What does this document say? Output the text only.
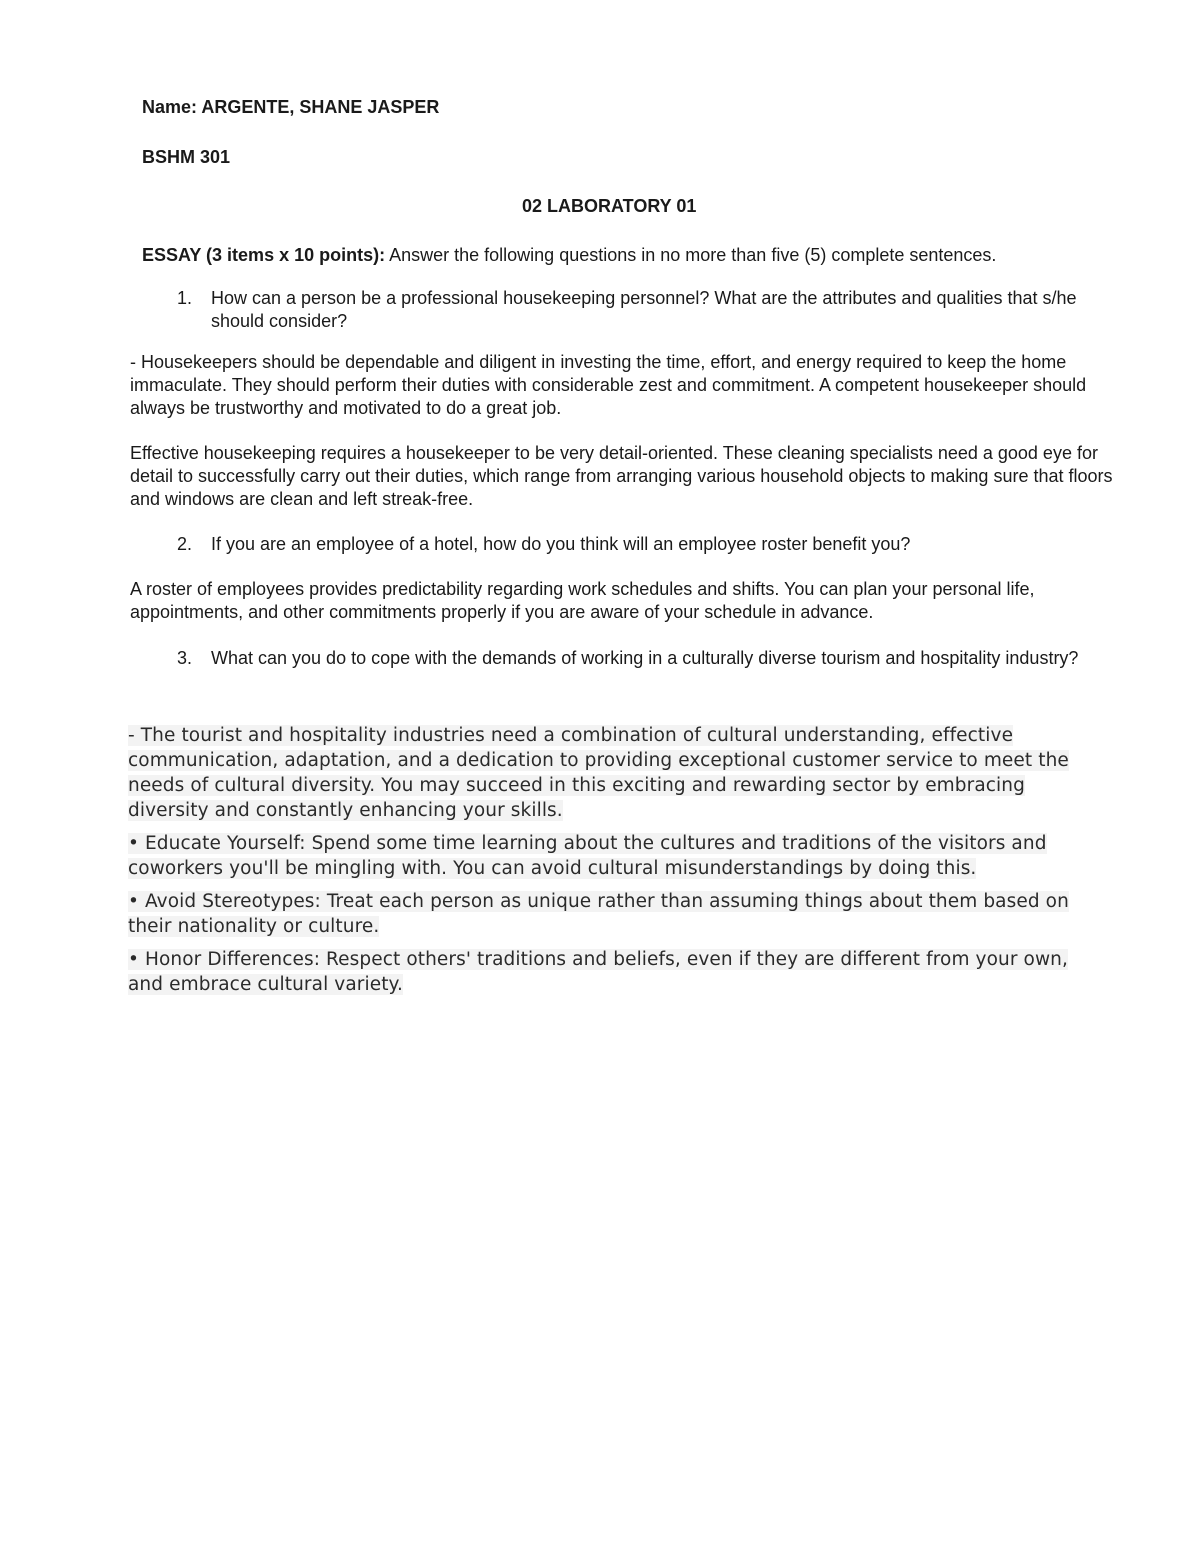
Name: ARGENTE, SHANE JASPER
BSHM 301
02 LABORATORY 01
ESSAY (3 items x 10 points): Answer the following questions in no more than five (5) complete sentences.
1. How can a person be a professional housekeeping personnel? What are the attributes and qualities that s/he should consider?
- Housekeepers should be dependable and diligent in investing the time, effort, and energy required to keep the home immaculate. They should perform their duties with considerable zest and commitment. A competent housekeeper should always be trustworthy and motivated to do a great job.
Effective housekeeping requires a housekeeper to be very detail-oriented. These cleaning specialists need a good eye for detail to successfully carry out their duties, which range from arranging various household objects to making sure that floors and windows are clean and left streak-free.
2. If you are an employee of a hotel, how do you think will an employee roster benefit you?
A roster of employees provides predictability regarding work schedules and shifts. You can plan your personal life, appointments, and other commitments properly if you are aware of your schedule in advance.
3. What can you do to cope with the demands of working in a culturally diverse tourism and hospitality industry?

- The tourist and hospitality industries need a combination of cultural understanding, effective communication, adaptation, and a dedication to providing exceptional customer service to meet the needs of cultural diversity. You may succeed in this exciting and rewarding sector by embracing diversity and constantly enhancing your skills.

• Educate Yourself: Spend some time learning about the cultures and traditions of the visitors and coworkers you'll be mingling with. You can avoid cultural misunderstandings by doing this.

• Avoid Stereotypes: Treat each person as unique rather than assuming things about them based on their nationality or culture.

• Honor Differences: Respect others' traditions and beliefs, even if they are different from your own, and embrace cultural variety.
